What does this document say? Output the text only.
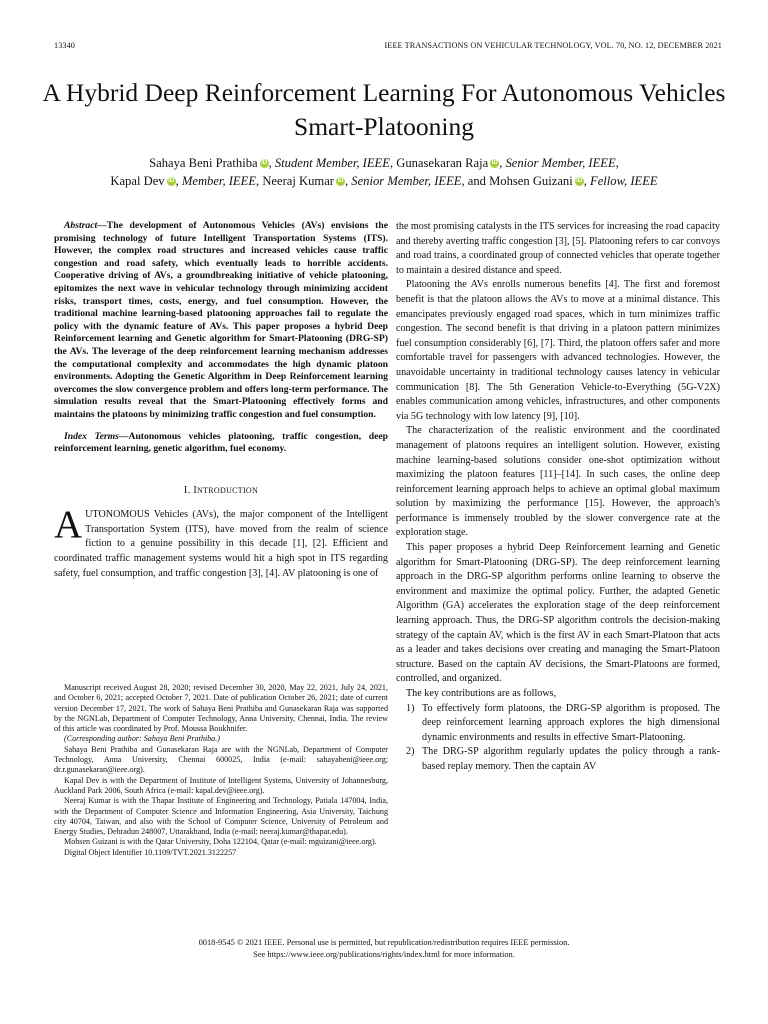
13340	IEEE TRANSACTIONS ON VEHICULAR TECHNOLOGY, VOL. 70, NO. 12, DECEMBER 2021
A Hybrid Deep Reinforcement Learning For Autonomous Vehicles Smart-Platooning
Sahaya Beni Prathiba iD , Student Member, IEEE, Gunasekaran Raja iD , Senior Member, IEEE,
Kapal Dev iD , Member, IEEE, Neeraj Kumar iD , Senior Member, IEEE, and Mohsen Guizani iD , Fellow, IEEE

Abstract—The development of Autonomous Vehicles (AVs) envisions the promising technology of future Intelligent Transportation Systems (ITS). However, the complex road structures and increased vehicles cause traffic congestion and road safety, which eventually leads to horrible accidents. Cooperative driving of AVs, a groundbreaking initiative of vehicle platooning, epitomizes the next wave in vehicular technology through minimizing accident risks, transport times, costs, energy, and fuel consumption. However, the traditional machine learning-based platooning approaches fail to regulate the policy with the dynamic feature of AVs. This paper proposes a hybrid Deep Reinforcement learning and Genetic algorithm for Smart-Platooning (DRG-SP) the AVs. The leverage of the deep reinforcement learning mechanism addresses the computational complexity and accommodates the high dynamic platoon environments. Adopting the Genetic Algorithm in Deep Reinforcement learning overcomes the slow convergence problem and offers long-term performance. The simulation results reveal that the Smart-Platooning effectively forms and maintains the platoons by minimizing traffic congestion and fuel consumption.

Index Terms—Autonomous vehicles platooning, traffic congestion, deep reinforcement learning, genetic algorithm, fuel economy.

I. INTRODUCTION

AUTONOMOUS Vehicles (AVs), the major component of the Intelligent Transportation System (ITS), have moved from the realm of science fiction to a genuine possibility in this decade [1], [2]. Efficient and coordinated traffic management systems would hit a high spot in ITS regarding safety, fuel consumption, and traffic congestion [3], [4]. AV platooning is one of

Manuscript received August 28, 2020; revised December 30, 2020, May 22, 2021, July 24, 2021, and October 6, 2021; accepted October 7, 2021. Date of publication October 26, 2021; date of current version December 17, 2021. The work of Sahaya Beni Prathiba and Gunasekaran Raja was supported by the NGNLab, Department of Computer Technology, Anna University, Chennai, India. The review of this article was coordinated by Prof. Moussa Boukhnifer.

(Corresponding author: Sahaya Beni Prathiba.)

Sahaya Beni Prathiba and Gunasekaran Raja are with the NGNLab, Department of Computer Technology, Anna University, Chennai 600025, India (e-mail: sahayabeni@ieee.org; dr.r.gunasekaran@ieee.org).

Kapal Dev is with the Department of Institute of Intelligent Systems, University of Johannesburg, Auckland Park 2006, South Africa (e-mail: kapal.dev@ieee.org).

Neeraj Kumar is with the Thapar Institute of Engineering and Technology, Patiala 147004, India, with the Department of Computer Science and Information Engineering, Asia University, Taichung city 40704, Taiwan, and also with the School of Computer Science, University of Petroleum and Energy Studies, Dehradun 248007, Uttarakhand, India (e-mail: neeraj.kumar@thapar.edu).

Mohsen Guizani is with the Qatar University, Doha 122104, Qatar (e-mail: mguizani@ieee.org).

Digital Object Identifier 10.1109/TVT.2021.3122257

the most promising catalysts in the ITS services for increasing the road capacity and thereby averting traffic congestion [3], [5]. Platooning refers to car convoys and road trains, a coordinated group of connected vehicles that operate together to maintain a desired distance and speed.

Platooning the AVs enrolls numerous benefits [4]. The first and foremost benefit is that the platoon allows the AVs to move at a minimal distance. This emancipates previously engaged road spaces, which in turn minimizes traffic congestion. The second benefit is that driving in a platoon pattern minimizes fuel consumption considerably [6], [7]. Third, the platoon offers safer and more comfortable travel for passengers with advanced technologies. However, the unavoidable uncertainty in traditional technology causes latency in vehicular communication [8]. The 5th Generation Vehicle-to-Everything (5G-V2X) enables communication among vehicles, infrastructures, and other components via 5G technology with low latency [9], [10].

The characterization of the realistic environment and the coordinated management of platoons requires an intelligent solution. However, existing machine learning-based solutions consider one-shot optimization without maximizing the platoon features [11]–[14]. In such cases, the online deep reinforcement learning approach helps to achieve an optimal global maximum solution by maximizing the performance [15]. However, the approach's performance is immensely troubled by the slower convergence rate at the exploration stage.

This paper proposes a hybrid Deep Reinforcement learning and Genetic algorithm for Smart-Platooning (DRG-SP). The deep reinforcement learning approach in the DRG-SP algorithm performs online learning to observe the environment and maximize the optimal policy. Further, the adapted Genetic Algorithm (GA) accelerates the exploration stage of the deep reinforcement learning approach. Thus, the DRG-SP algorithm controls the decision-making strategy of the captain AV, which is the first AV in each Smart-Platoon that acts as a leader and takes decisions over creating and managing the Smart-Platoon structure. Based on the captain AV decisions, the Smart-Platoons are formed, controlled, and organized.

The key contributions are as follows,

1) To effectively form platoons, the DRG-SP algorithm is proposed. The deep reinforcement learning approach explores the high dimensional dynamic environments and results in effective Smart-Platooning.
2) The DRG-SP algorithm regularly updates the policy through a rank-based replay memory. Then the captain AV
0018-9545 © 2021 IEEE. Personal use is permitted, but republication/redistribution requires IEEE permission.
See https://www.ieee.org/publications/rights/index.html for more information.
